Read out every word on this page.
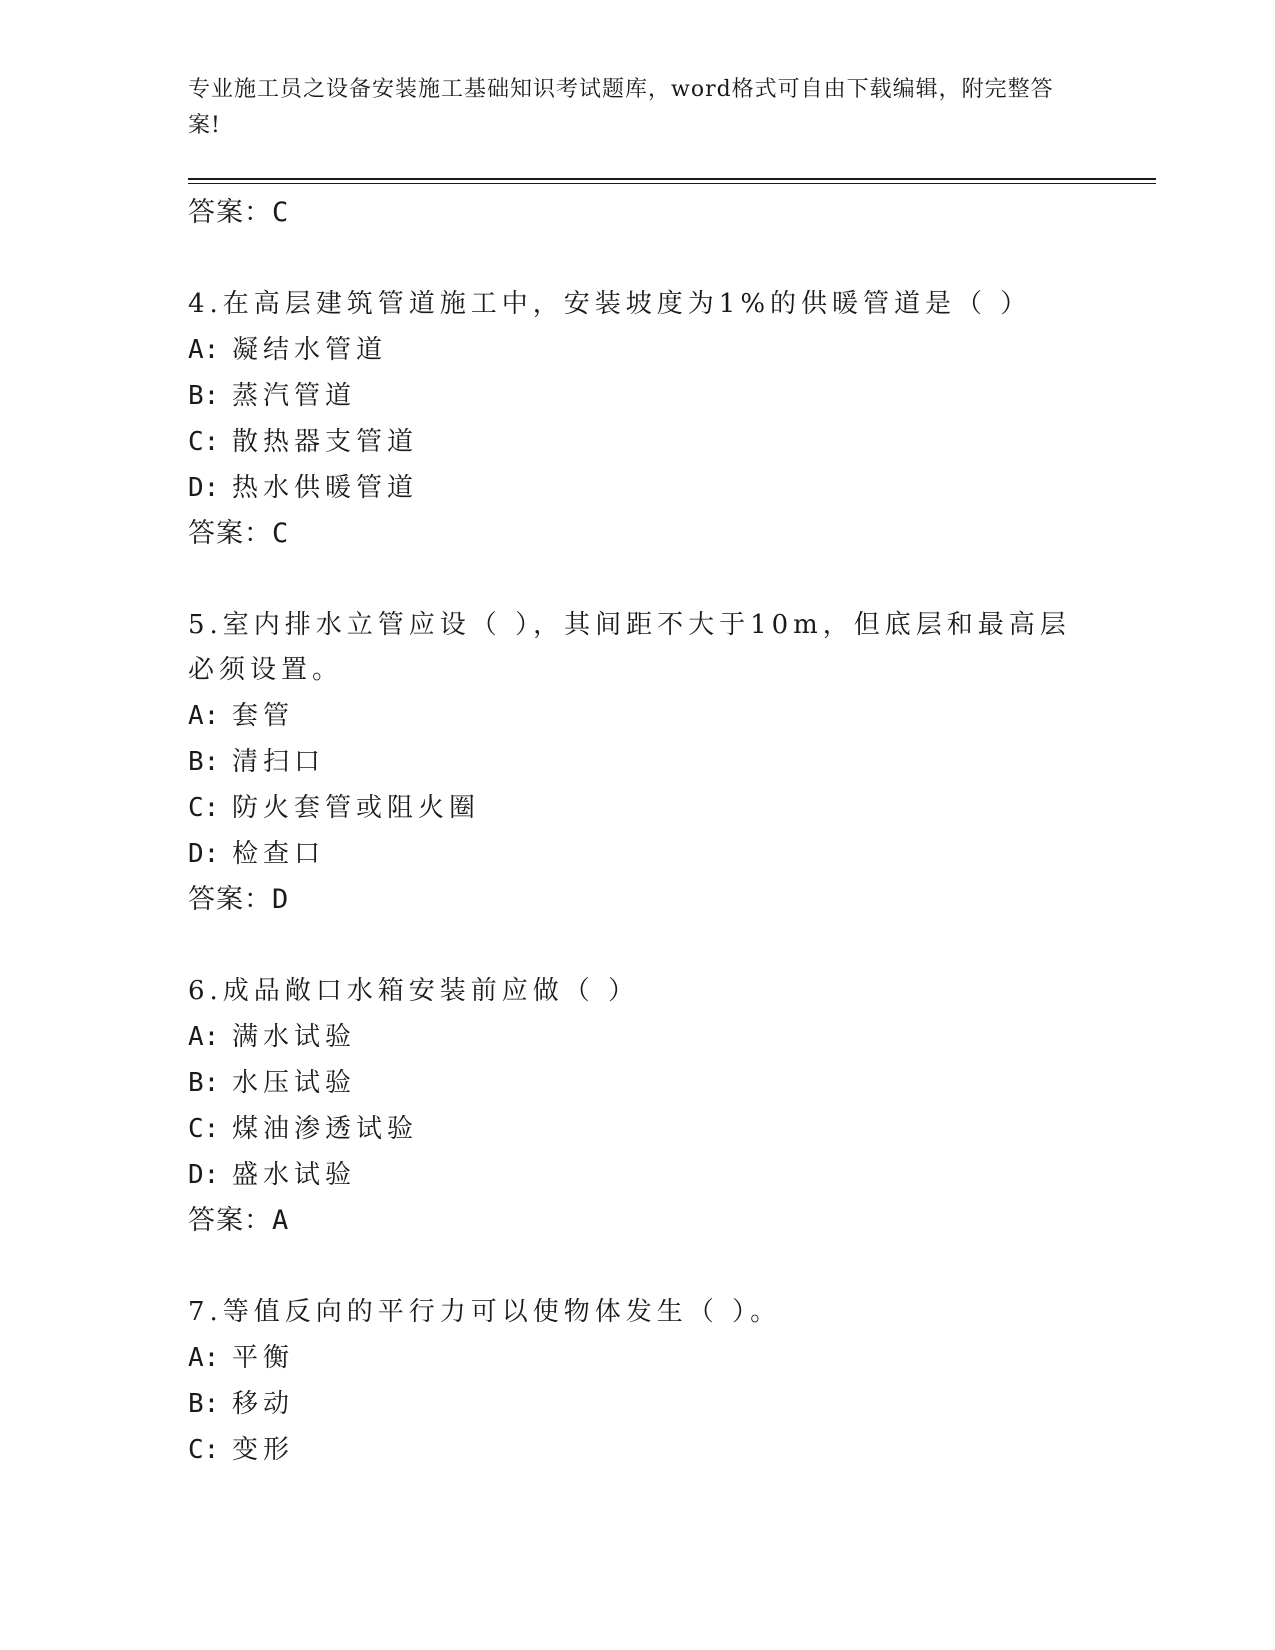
专业施工员之设备安装施工基础知识考试题库，word格式可自由下载编辑，附完整答案!

答案：C

4.在高层建筑管道施工中，安装坡度为1%的供暖管道是（ ）

A: 凝结水管道

B: 蒸汽管道

C: 散热器支管道

D: 热水供暖管道

答案：C

5.室内排水立管应设（ ），其间距不大于10m，但底层和最高层必须设置。

A: 套管

B: 清扫口

C: 防火套管或阻火圈

D: 检查口

答案：D

6.成品敞口水箱安装前应做（ ）

A: 满水试验

B: 水压试验

C: 煤油渗透试验

D: 盛水试验

答案：A

7.等值反向的平行力可以使物体发生（ ）。

A: 平衡

B: 移动

C: 变形
